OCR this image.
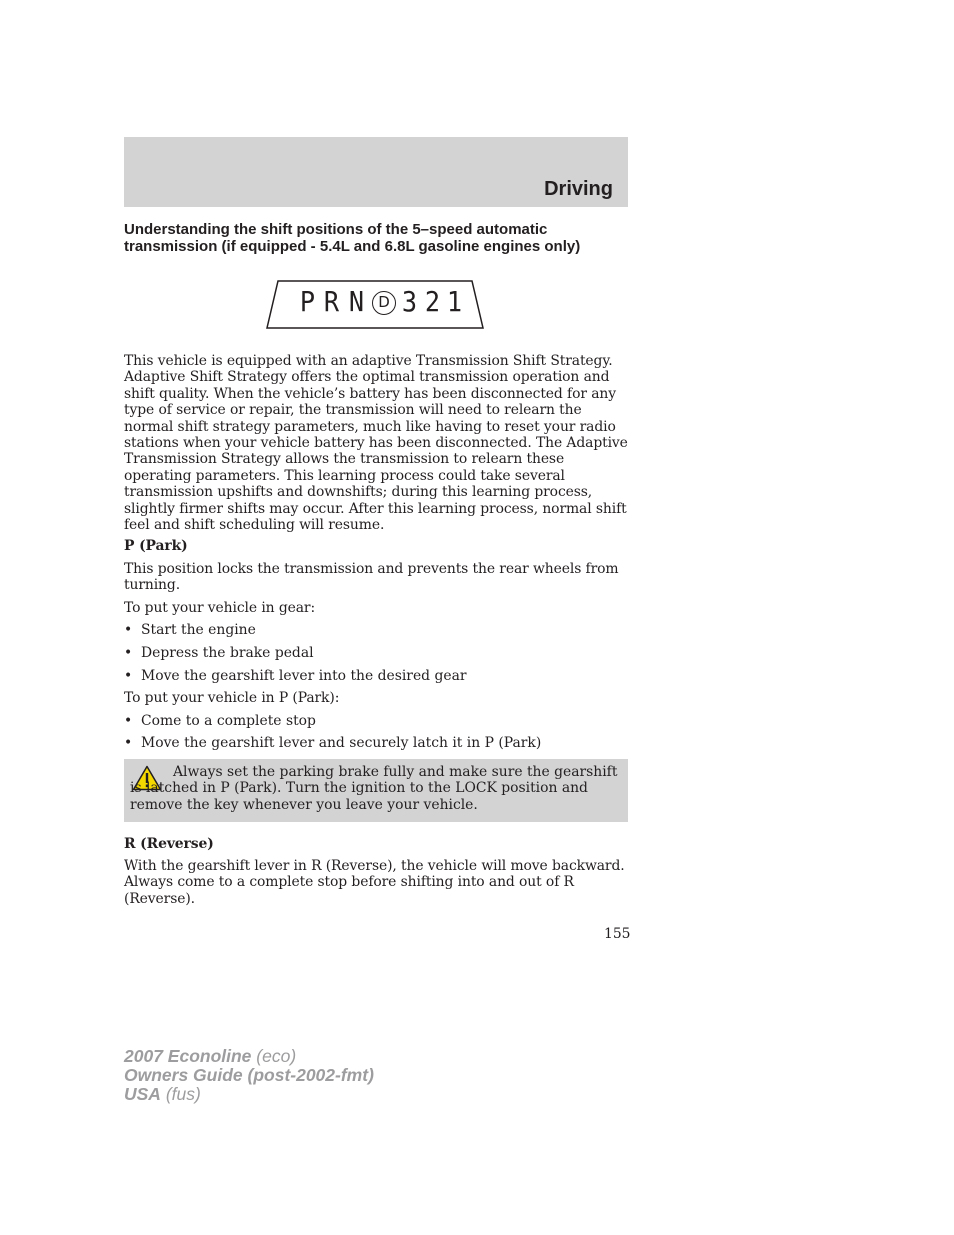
Driving
Understanding the shift positions of the 5–speed automatic
transmission (if equipped - 5.4L and 6.8L gasoline engines only)
P R N D 3 2 1
This vehicle is equipped with an adaptive Transmission Shift Strategy. Adaptive Shift Strategy offers the optimal transmission operation and shift quality. When the vehicle’s battery has been disconnected for any type of service or repair, the transmission will need to relearn the normal shift strategy parameters, much like having to reset your radio stations when your vehicle battery has been disconnected. The Adaptive Transmission Strategy allows the transmission to relearn these operating parameters. This learning process could take several transmission upshifts and downshifts; during this learning process, slightly firmer shifts may occur. After this learning process, normal shift feel and shift scheduling will resume.
P (Park)
This position locks the transmission and prevents the rear wheels from turning.
To put your vehicle in gear:
• Start the engine
• Depress the brake pedal
• Move the gearshift lever into the desired gear
To put your vehicle in P (Park):
• Come to a complete stop
• Move the gearshift lever and securely latch it in P (Park)
Always set the parking brake fully and make sure the gearshift is latched in P (Park). Turn the ignition to the LOCK position and remove the key whenever you leave your vehicle.
R (Reverse)
With the gearshift lever in R (Reverse), the vehicle will move backward. Always come to a complete stop before shifting into and out of R (Reverse).
155
2007 Econoline (eco)
Owners Guide (post-2002-fmt)
USA (fus)
